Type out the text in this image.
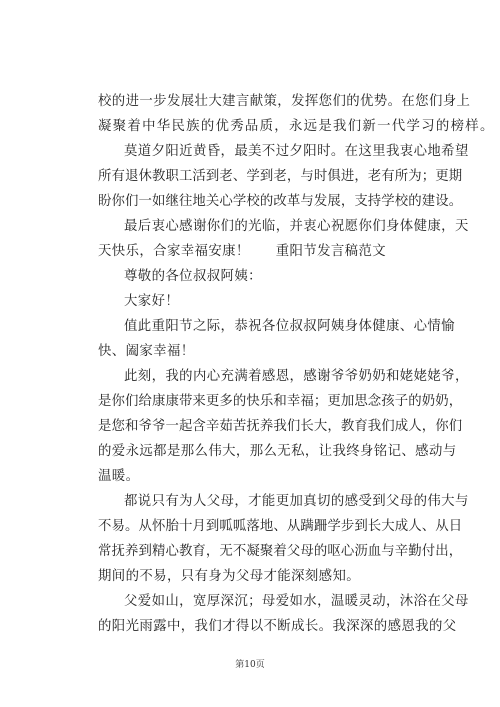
校的进一步发展壮大建言献策，发挥您们的优势。在您们身上
凝聚着中华民族的优秀品质，永远是我们新一代学习的榜样。
莫道夕阳近黄昏，最美不过夕阳时。在这里我衷心地希望
所有退休教职工活到老、学到老，与时俱进，老有所为；更期
盼你们一如继往地关心学校的改革与发展，支持学校的建设。
最后衷心感谢你们的光临，并衷心祝愿你们身体健康，天
天快乐，合家幸福安康！ 重阳节发言稿范文
尊敬的各位叔叔阿姨：
大家好！
值此重阳节之际，恭祝各位叔叔阿姨身体健康、心情愉
快、阖家幸福！
此刻，我的内心充满着感恩，感谢爷爷奶奶和姥姥姥爷，
是你们给康康带来更多的快乐和幸福；更加思念孩子的奶奶，
是您和爷爷一起含辛茹苦抚养我们长大，教育我们成人，你们
的爱永远都是那么伟大，那么无私，让我终身铭记、感动与
温暖。
都说只有为人父母，才能更加真切的感受到父母的伟大与
不易。从怀胎十月到呱呱落地、从蹒跚学步到长大成人、从日
常抚养到精心教育，无不凝聚着父母的呕心沥血与辛勤付出，
期间的不易，只有身为父母才能深刻感知。
父爱如山，宽厚深沉；母爱如水，温暖灵动，沐浴在父母
的阳光雨露中，我们才得以不断成长。我深深的感恩我的父
第10页
